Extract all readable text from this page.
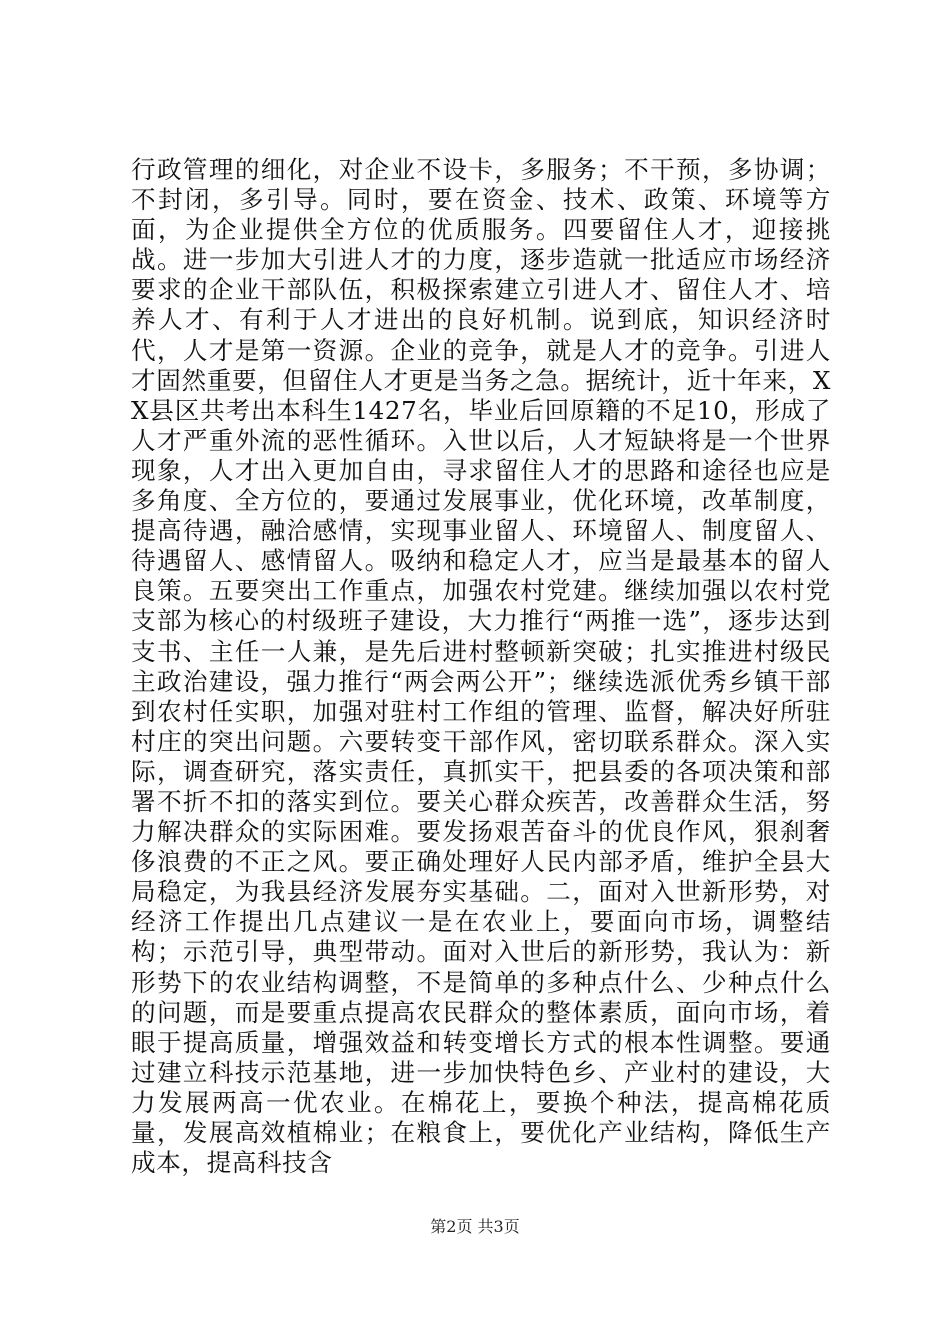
行政管理的细化，对企业不设卡，多服务；不干预，多协调；不封闭，多引导。同时，要在资金、技术、政策、环境等方面，为企业提供全方位的优质服务。四要留住人才，迎接挑战。进一步加大引进人才的力度，逐步造就一批适应市场经济要求的企业干部队伍，积极探索建立引进人才、留住人才、培养人才、有利于人才进出的良好机制。说到底，知识经济时代，人才是第一资源。企业的竞争，就是人才的竞争。引进人才固然重要，但留住人才更是当务之急。据统计，近十年来，XX县区共考出本科生1427名，毕业后回原籍的不足10，形成了人才严重外流的恶性循环。入世以后，人才短缺将是一个世界现象，人才出入更加自由，寻求留住人才的思路和途径也应是多角度、全方位的，要通过发展事业，优化环境，改革制度，提高待遇，融洽感情，实现事业留人、环境留人、制度留人、待遇留人、感情留人。吸纳和稳定人才，应当是最基本的留人良策。五要突出工作重点，加强农村党建。继续加强以农村党支部为核心的村级班子建设，大力推行“两推一选”，逐步达到支书、主任一人兼，是先后进村整顿新突破；扎实推进村级民主政治建设，强力推行“两会两公开”；继续选派优秀乡镇干部到农村任实职，加强对驻村工作组的管理、监督，解决好所驻村庄的突出问题。六要转变干部作风，密切联系群众。深入实际，调查研究，落实责任，真抓实干，把县委的各项决策和部署不折不扣的落实到位。要关心群众疾苦，改善群众生活，努力解决群众的实际困难。要发扬艰苦奋斗的优良作风，狠刹奢侈浪费的不正之风。要正确处理好人民内部矛盾，维护全县大局稳定，为我县经济发展夯实基础。二，面对入世新形势，对经济工作提出几点建议一是在农业上，要面向市场，调整结构；示范引导，典型带动。面对入世后的新形势，我认为：新形势下的农业结构调整，不是简单的多种点什么、少种点什么的问题，而是要重点提高农民群众的整体素质，面向市场，着眼于提高质量，增强效益和转变增长方式的根本性调整。要通过建立科技示范基地，进一步加快特色乡、产业村的建设，大力发展两高一优农业。在棉花上，要换个种法，提高棉花质量，发展高效植棉业；在粮食上，要优化产业结构，降低生产成本，提高科技含

第2页 共3页
